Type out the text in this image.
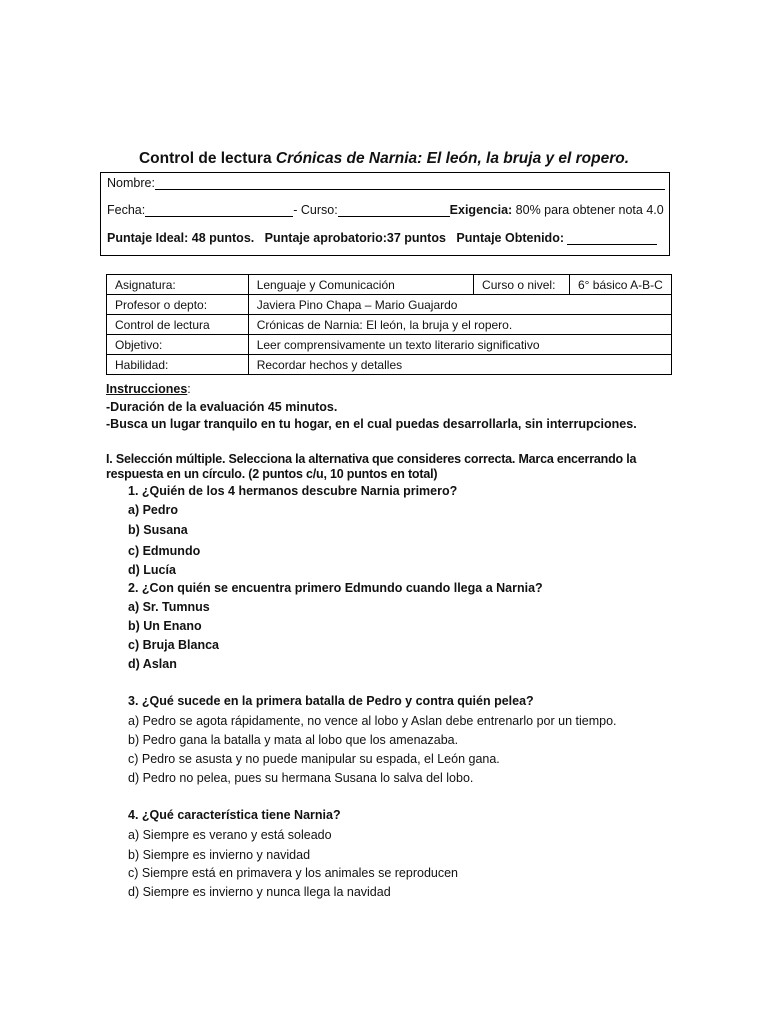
Control de lectura Crónicas de Narnia: El león, la bruja y el ropero.
Nombre:
Fecha:	- Curso:	Exigencia: 80% para obtener nota 4.0
Puntaje Ideal: 48 puntos. Puntaje aprobatorio:37 puntos Puntaje Obtenido:
Asignatura:	Lenguaje y Comunicación	Curso o nivel:	6° básico A-B-C
Profesor o depto:	Javiera Pino Chapa – Mario Guajardo		
Control de lectura	Crónicas de Narnia: El león, la bruja y el ropero.		
Objetivo:	Leer comprensivamente un texto literario significativo		
Habilidad:	Recordar hechos y detalles		
Instrucciones:
-Duración de la evaluación 45 minutos.
-Busca un lugar tranquilo en tu hogar, en el cual puedas desarrollarla, sin interrupciones.
I. Selección múltiple. Selecciona la alternativa que consideres correcta. Marca encerrando la respuesta en un círculo. (2 puntos c/u, 10 puntos en total)
1. ¿Quién de los 4 hermanos descubre Narnia primero?
a) Pedro
b) Susana
c) Edmundo
d) Lucía
2. ¿Con quién se encuentra primero Edmundo cuando llega a Narnia?
a) Sr. Tumnus
b) Un Enano
c) Bruja Blanca
d) Aslan
3. ¿Qué sucede en la primera batalla de Pedro y contra quién pelea?
a) Pedro se agota rápidamente, no vence al lobo y Aslan debe entrenarlo por un tiempo.
b) Pedro gana la batalla y mata al lobo que los amenazaba.
c) Pedro se asusta y no puede manipular su espada, el León gana.
d) Pedro no pelea, pues su hermana Susana lo salva del lobo.
4. ¿Qué característica tiene Narnia?
a) Siempre es verano y está soleado
b) Siempre es invierno y navidad
c) Siempre está en primavera y los animales se reproducen
d) Siempre es invierno y nunca llega la navidad
